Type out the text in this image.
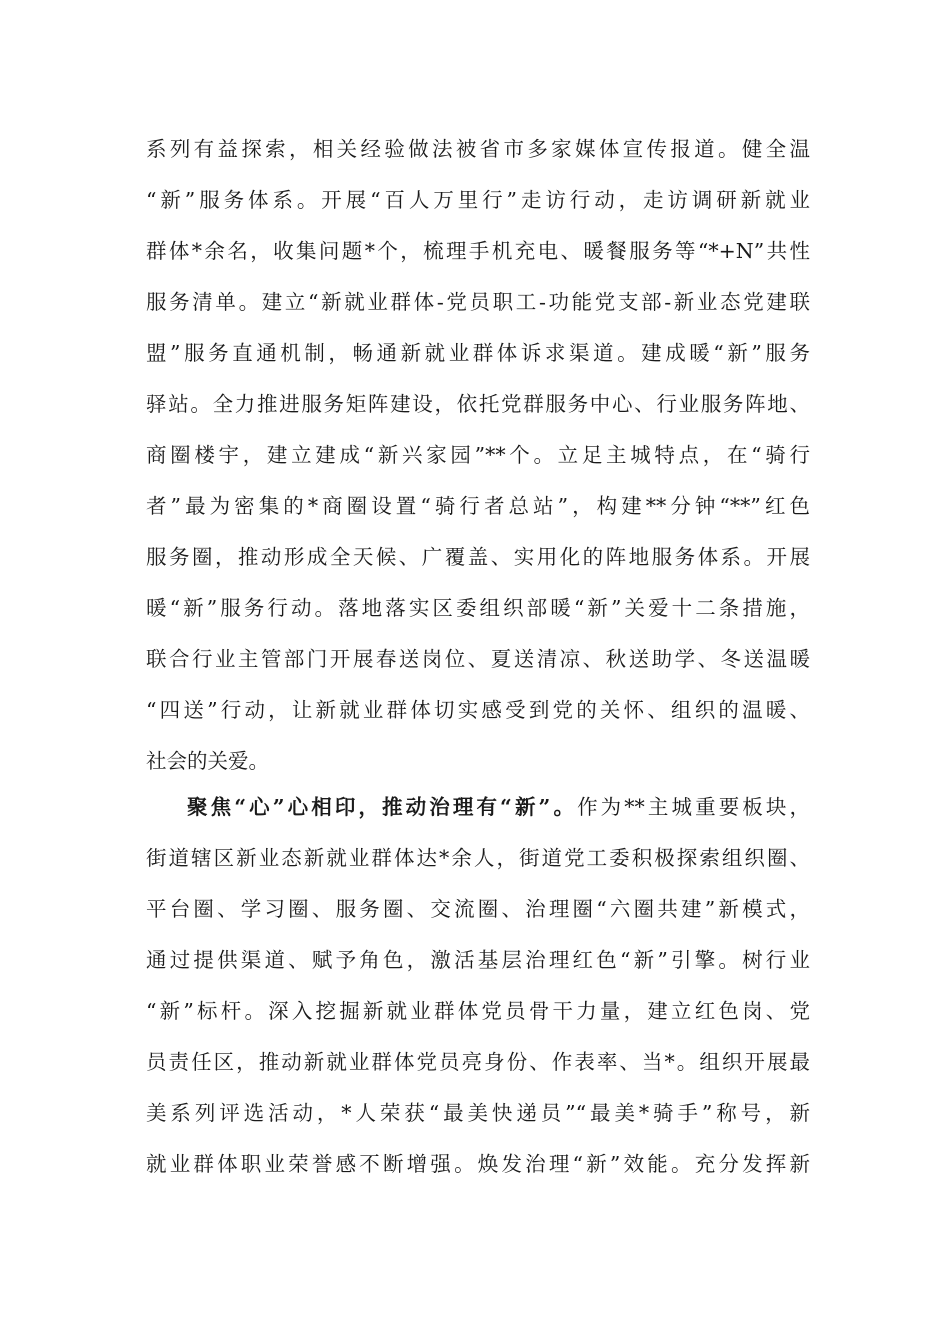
系列有益探索，相关经验做法被省市多家媒体宣传报道。健全温
“新”服务体系。开展“百人万里行”走访行动，走访调研新就业
群体*余名，收集问题*个，梳理手机充电、暖餐服务等“*+N”共性
服务清单。建立“新就业群体-党员职工-功能党支部-新业态党建联
盟”服务直通机制，畅通新就业群体诉求渠道。建成暖“新”服务
驿站。全力推进服务矩阵建设，依托党群服务中心、行业服务阵地、
商圈楼宇，建立建成“新兴家园”**个。立足主城特点，在“骑行
者”最为密集的*商圈设置“骑行者总站”，构建**分钟“**”红色
服务圈，推动形成全天候、广覆盖、实用化的阵地服务体系。开展
暖“新”服务行动。落地落实区委组织部暖“新”关爱十二条措施，
联合行业主管部门开展春送岗位、夏送清凉、秋送助学、冬送温暖
“四送”行动，让新就业群体切实感受到党的关怀、组织的温暖、
社会的关爱。
聚焦“心”心相印，推动治理有“新”。作为**主城重要板块，
街道辖区新业态新就业群体达*余人，街道党工委积极探索组织圈、
平台圈、学习圈、服务圈、交流圈、治理圈“六圈共建”新模式，
通过提供渠道、赋予角色，激活基层治理红色“新”引擎。树行业
“新”标杆。深入挖掘新就业群体党员骨干力量，建立红色岗、党
员责任区，推动新就业群体党员亮身份、作表率、当*。组织开展最
美系列评选活动，*人荣获“最美快递员”“最美*骑手”称号，新
就业群体职业荣誉感不断增强。焕发治理“新”效能。充分发挥新
